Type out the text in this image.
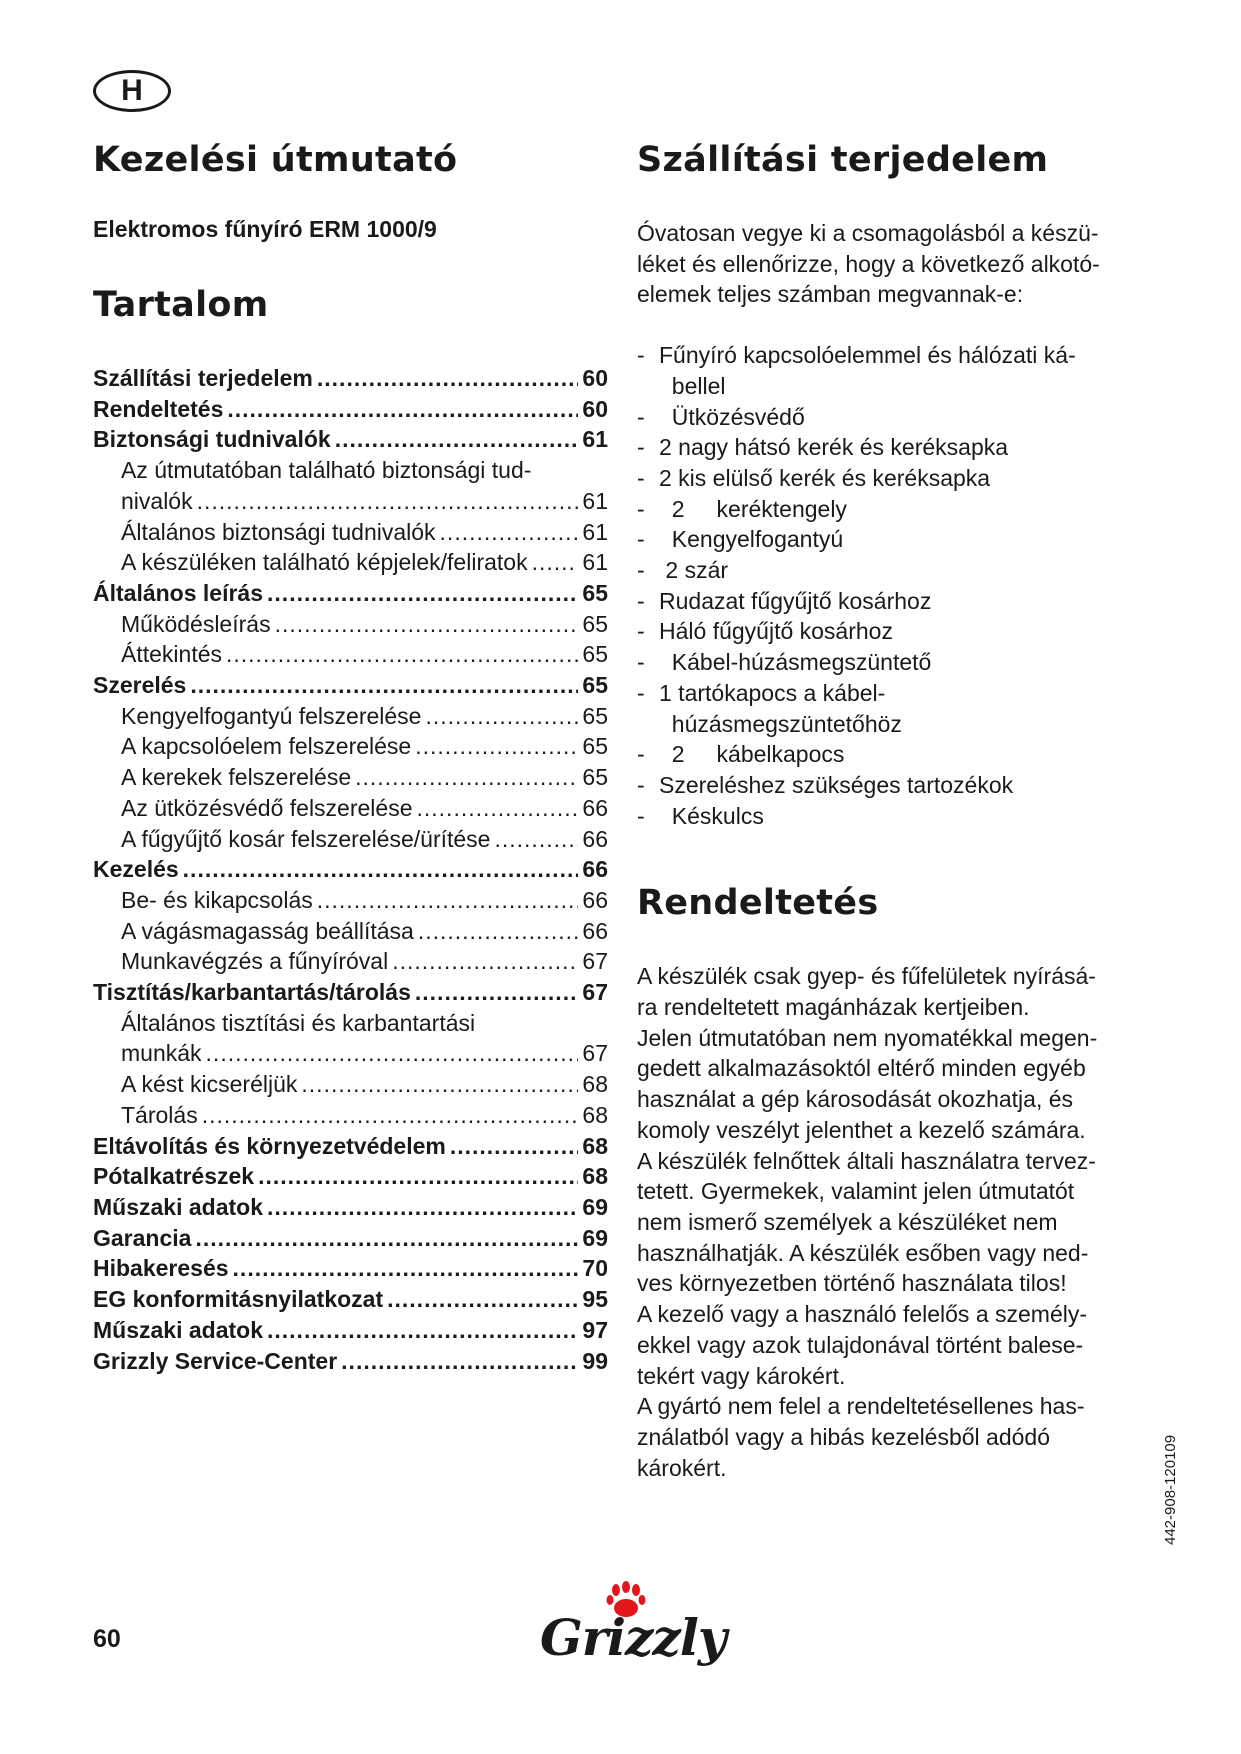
H
Kezelési útmutató
Elektromos fűnyíró ERM 1000/9
Tartalom
Szállítási terjedelem .....	60
Rendeltetés .....	60
Biztonsági tudnivalók .....	61
Az útmutatóban található biztonsági tud-
nivalók .....	61
Általános biztonsági tudnivalók .....	61
A készüléken található képjelek/feliratok ..... 61
Általános leírás .....	65
Működésleírás .....	65
Áttekintés .....	65
Szerelés .....	65
Kengyelfogantyú felszerelése .....	65
A kapcsolóelem felszerelése .....	65
A kerekek felszerelése .....	65
Az ütközésvédő felszerelése .....	66
A fűgyűjtő kosár felszerelése/ürítése .....	66
Kezelés .....	66
Be- és kikapcsolás .....	66
A vágásmagasság beállítása .....	66
Munkavégzés a fűnyíróval .....	67
Tisztítás/karbantartás/tárolás .....	67
Általános tisztítási és karbantartási
munkák .....	67
A kést kicseréljük .....	68
Tárolás .....	68
Eltávolítás és környezetvédelem .....	68
Pótalkatrészek .....	68
Műszaki adatok .....	69
Garancia .....	69
Hibakeresés .....	70
EG konformitásnyilatkozat .....	95
Műszaki adatok .....	97
Grizzly Service-Center .....	99
Szállítási terjedelem

Óvatosan vegye ki a csomagolásból a készü-

léket és ellenőrizze, hogy a következő alkotó-

elemek teljes számban megvannak-e:

- Fűnyíró kapcsolóelemmel és hálózati ká-
bellel
- Ütközésvédő
- 2 nagy hátsó kerék és keréksapka
- 2 kis elülső kerék és keréksapka
- 2     keréktengely
- Kengyelfogantyú
- 2 szár
- Rudazat fűgyűjtő kosárhoz
- Háló fűgyűjtő kosárhoz
- Kábel-húzásmegszüntető
- 1 tartókapocs a kábel-
húzásmegszüntetőhöz
- 2     kábelkapocs
- Szereléshez szükséges tartozékok
- Késkulcs
Rendeltetés

A készülék csak gyep- és fűfelületek nyírásá-

ra rendeltetett magánházak kertjeiben.

Jelen útmutatóban nem nyomatékkal megen-

gedett alkalmazásoktól eltérő minden egyéb

használat a gép károsodását okozhatja, és

komoly veszélyt jelenthet a kezelő számára.

A készülék felnőttek általi használatra tervez-

tetett. Gyermekek, valamint jelen útmutatót

nem ismerő személyek a készüléket nem

használhatják. A készülék esőben vagy ned-

ves környezetben történő használata tilos!

A kezelő vagy a használó felelős a személy-

ekkel vagy azok tulajdonával történt balese-

tekért vagy károkért.

A gyártó nem felel a rendeltetésellenes has-

ználatból vagy a hibás kezelésből adódó

károkért.	442-908-120109
60	Grizzly
